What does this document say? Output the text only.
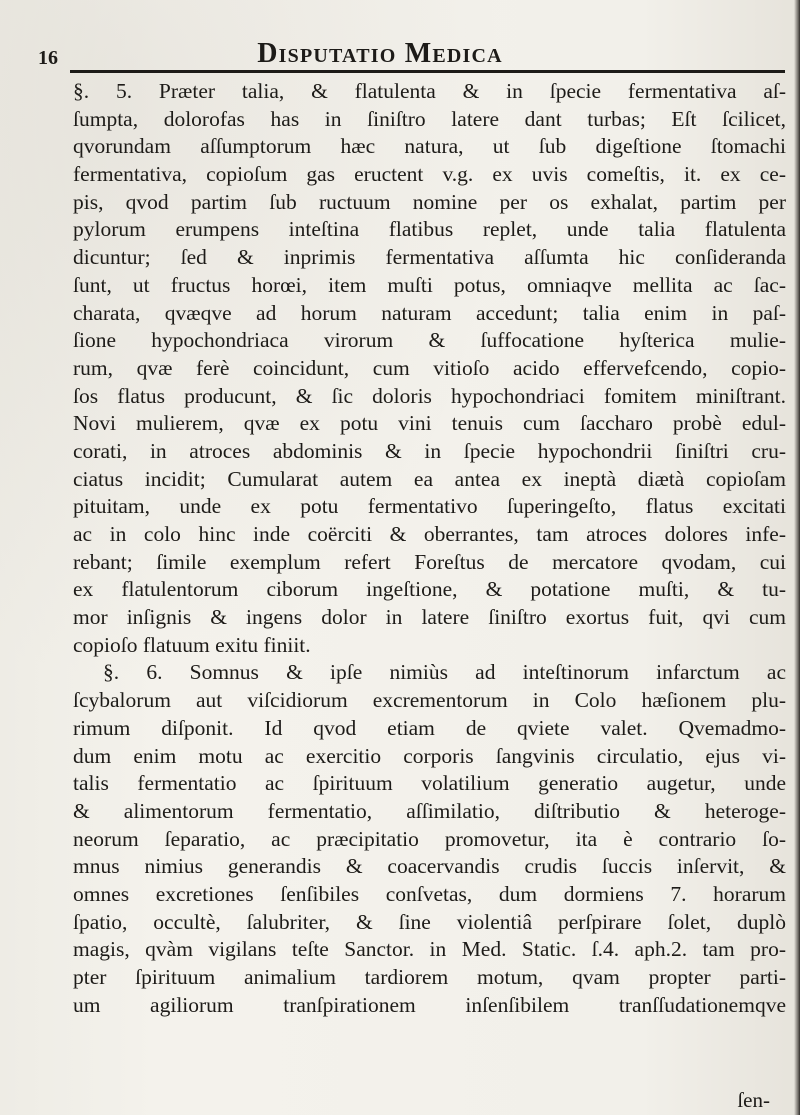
16	Disputatio Medica
§. 5. Præter talia, & flatulenta & in ſpecie fermentativa aſ-
ſumpta, dolorofas has in ſiniſtro latere dant turbas; Eſt ſcilicet,
qvorundam aſſumptorum hæc natura, ut ſub digeſtione ſtomachi
fermentativa, copioſum gas eructent v.g. ex uvis comeſtis, it. ex ce-
pis, qvod partim ſub ructuum nomine per os exhalat, partim per
pylorum erumpens inteſtina flatibus replet, unde talia flatulenta
dicuntur; ſed & inprimis fermentativa aſſumta hic conſideranda
ſunt, ut fructus horœi, item muſti potus, omniaqve mellita ac ſac-
charata, qvæqve ad horum naturam accedunt; talia enim in paſ-
ſione hypochondriaca virorum & ſuffocatione hyſterica mulie-
rum, qvæ ferè coincidunt, cum vitioſo acido effervefcendo, copio-
ſos flatus producunt, & ſic doloris hypochondriaci fomitem miniſtrant.
Novi mulierem, qvæ ex potu vini tenuis cum ſaccharo probè edul-
corati, in atroces abdominis & in ſpecie hypochondrii ſiniſtri cru-
ciatus incidit; Cumularat autem ea antea ex ineptà diætà copioſam
pituitam, unde ex potu fermentativo ſuperingeſto, flatus excitati
ac in colo hinc inde coërciti & oberrantes, tam atroces dolores infe-
rebant; ſimile exemplum refert Foreſtus de mercatore qvodam, cui
ex flatulentorum ciborum ingeſtione, & potatione muſti, & tu-
mor inſignis & ingens dolor in latere ſiniſtro exortus fuit, qvi cum
copioſo flatuum exitu finiit.
§. 6. Somnus & ipſe nimiùs ad inteſtinorum infarctum ac
ſcybalorum aut viſcidiorum excrementorum in Colo hæſionem plu-
rimum diſponit. Id qvod etiam de qviete valet. Qvemadmo-
dum enim motu ac exercitio corporis ſangvinis circulatio, ejus vi-
talis fermentatio ac ſpirituum volatilium generatio augetur, unde
& alimentorum fermentatio, aſſimilatio, diſtributio & heteroge-
neorum ſeparatio, ac præcipitatio promovetur, ita è contrario ſo-
mnus nimius generandis & coacervandis crudis ſuccis inſervit, &
omnes excretiones ſenſibiles conſvetas, dum dormiens 7. horarum
ſpatio, occultè, ſalubriter, & ſine violentiâ perſpirare ſolet, duplò
magis, qvàm vigilans teſte Sanctor. in Med. Static. ſ.4. aph.2. tam pro-
pter ſpirituum animalium tardiorem motum, qvam propter parti-
um agiliorum tranſpirationem inſenſibilem tranſſudationemqve
ſen-
